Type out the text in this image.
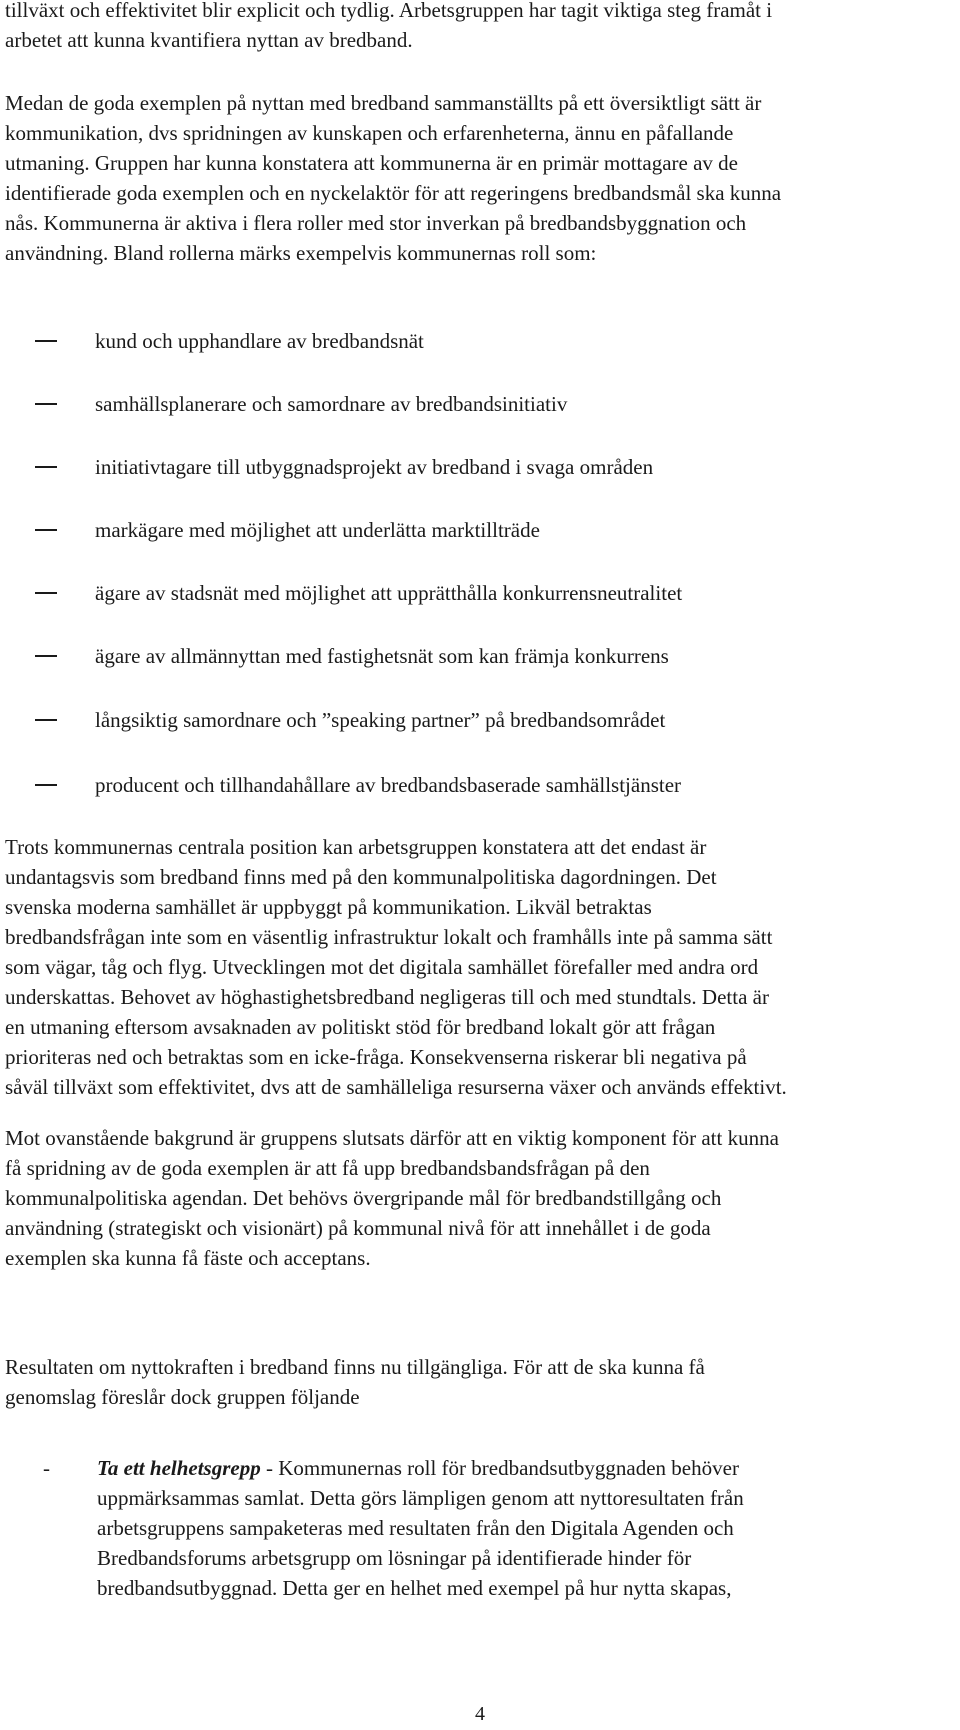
tillväxt och effektivitet blir explicit och tydlig. Arbetsgruppen har tagit viktiga steg framåt i
arbetet att kunna kvantifiera nyttan av bredband.
Medan de goda exemplen på nyttan med bredband sammanställts på ett översiktligt sätt är
kommunikation, dvs spridningen av kunskapen och erfarenheterna, ännu en påfallande
utmaning. Gruppen har kunna konstatera att kommunerna är en primär mottagare av de
identifierade goda exemplen och en nyckelaktör för att regeringens bredbandsmål ska kunna
nås. Kommunerna är aktiva i flera roller med stor inverkan på bredbandsbyggnation och
användning. Bland rollerna märks exempelvis kommunernas roll som:
kund och upphandlare av bredbandsnät
samhällsplanerare och samordnare av bredbandsinitiativ
initiativtagare till utbyggnadsprojekt av bredband i svaga områden
markägare med möjlighet att underlätta marktillträde
ägare av stadsnät med möjlighet att upprätthålla konkurrensneutralitet
ägare av allmännyttan med fastighetsnät som kan främja konkurrens
långsiktig samordnare och ”speaking partner” på bredbandsområdet
producent och tillhandahållare av bredbandsbaserade samhällstjänster
Trots kommunernas centrala position kan arbetsgruppen konstatera att det endast är
undantagsvis som bredband finns med på den kommunalpolitiska dagordningen. Det
svenska moderna samhället är uppbyggt på kommunikation. Likväl betraktas
bredbandsfrågan inte som en väsentlig infrastruktur lokalt och framhålls inte på samma sätt
som vägar, tåg och flyg. Utvecklingen mot det digitala samhället förefaller med andra ord
underskattas. Behovet av höghastighetsbredband negligeras till och med stundtals. Detta är
en utmaning eftersom avsaknaden av politiskt stöd för bredband lokalt gör att frågan
prioriteras ned och betraktas som en icke-fråga. Konsekvenserna riskerar bli negativa på
såväl tillväxt som effektivitet, dvs att de samhälleliga resurserna växer och används effektivt.
Mot ovanstående bakgrund är gruppens slutsats därför att en viktig komponent för att kunna
få spridning av de goda exemplen är att få upp bredbandsbandsfrågan på den
kommunalpolitiska agendan. Det behövs övergripande mål för bredbandstillgång och
användning (strategiskt och visionärt) på kommunal nivå för att innehållet i de goda
exemplen ska kunna få fäste och acceptans.
Resultaten om nyttokraften i bredband finns nu tillgängliga. För att de ska kunna få
genomslag föreslår dock gruppen följande
- Ta ett helhetsgrepp - Kommunernas roll för bredbandsutbyggnaden behöver
uppmärksammas samlat. Detta görs lämpligen genom att nyttoresultaten från
arbetsgruppens sampaketeras med resultaten från den Digitala Agenden och
Bredbandsforums arbetsgrupp om lösningar på identifierade hinder för
bredbandsutbyggnad. Detta ger en helhet med exempel på hur nytta skapas,
4
